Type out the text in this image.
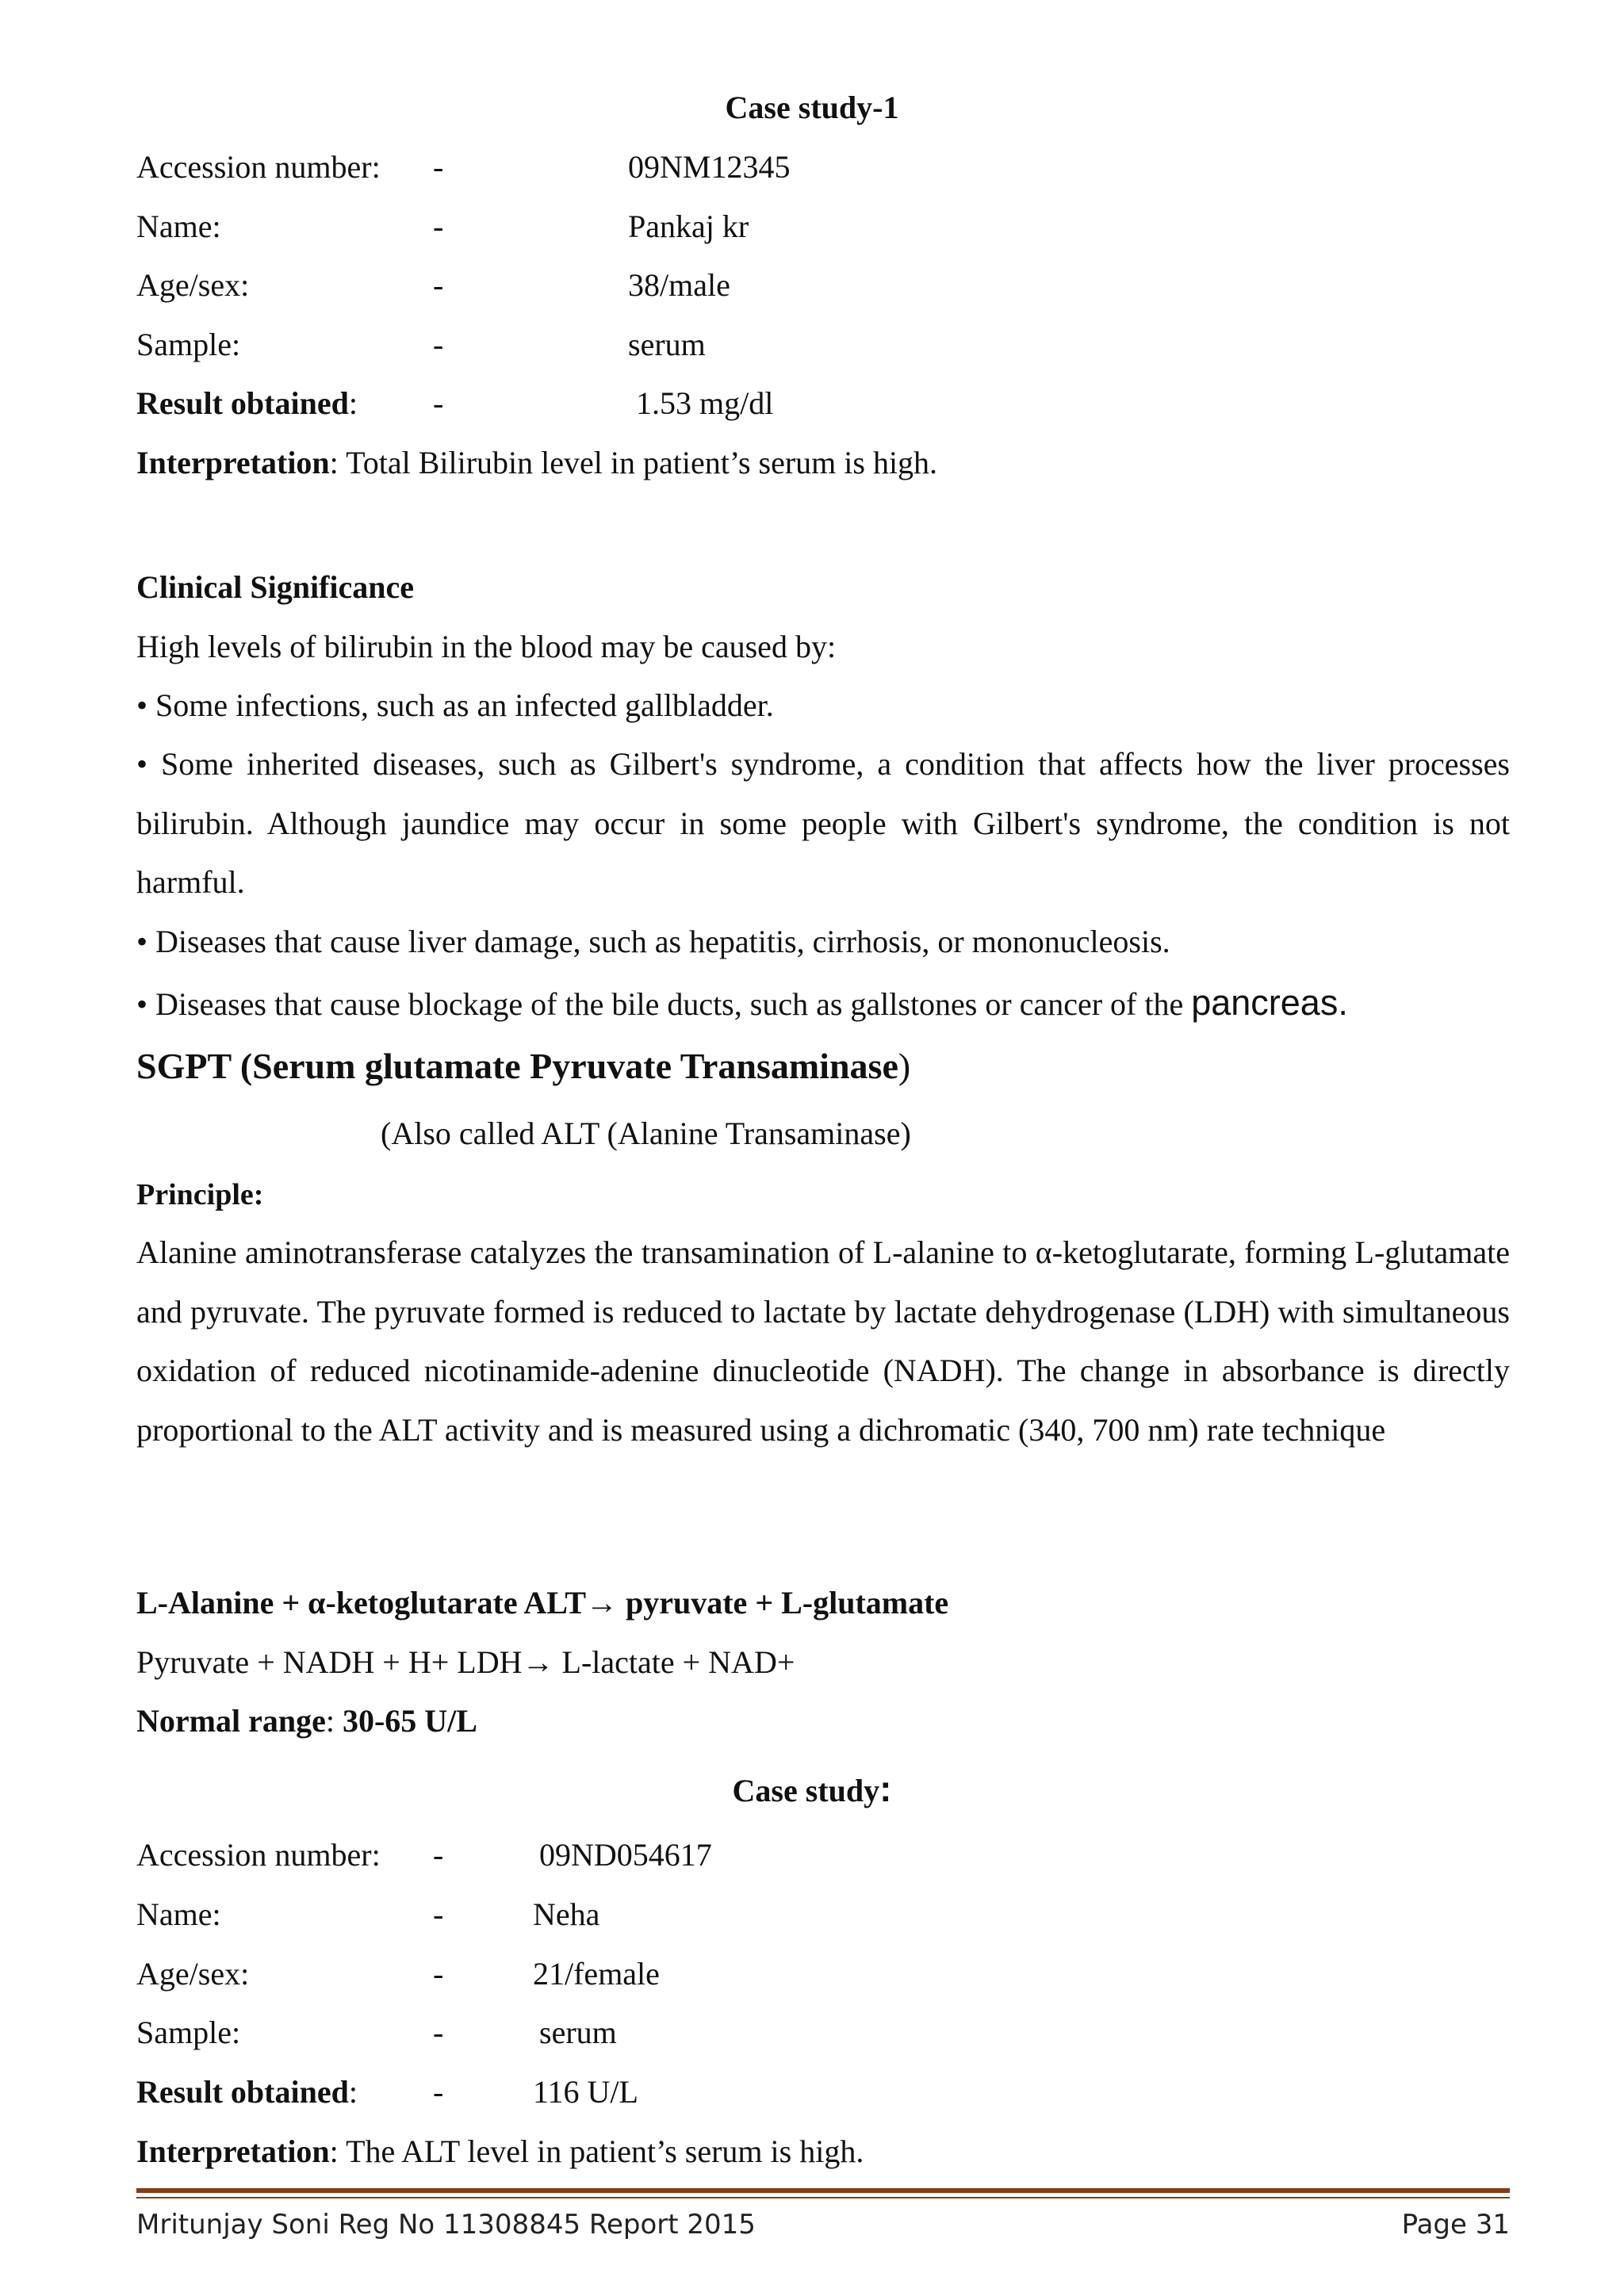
Case study-1
Accession number: -	09NM12345
Name:	-	Pankaj kr
Age/sex:	-	38/male
Sample:	-	serum
Result obtained: -	1.53 mg/dl
Interpretation: Total Bilirubin level in patient’s serum is high.
Clinical Significance
High levels of bilirubin in the blood may be caused by:
• Some infections, such as an infected gallbladder.
• Some inherited diseases, such as Gilbert's syndrome, a condition that affects how the liver processes bilirubin. Although jaundice may occur in some people with Gilbert's syndrome, the condition is not harmful.
• Diseases that cause liver damage, such as hepatitis, cirrhosis, or mononucleosis.
• Diseases that cause blockage of the bile ducts, such as gallstones or cancer of the pancreas.
SGPT (Serum glutamate Pyruvate Transaminase)
(Also called ALT (Alanine Transaminase)
Principle:
Alanine aminotransferase catalyzes the transamination of L-alanine to α-ketoglutarate, forming L-glutamate and pyruvate. The pyruvate formed is reduced to lactate by lactate dehydrogenase (LDH) with simultaneous oxidation of reduced nicotinamide-adenine dinucleotide (NADH). The change in absorbance is directly proportional to the ALT activity and is measured using a dichromatic (340, 700 nm) rate technique
L-Alanine + α-ketoglutarate ALT→ pyruvate + L-glutamate
Pyruvate + NADH + H+ LDH→ L-lactate + NAD+
Normal range: 30-65 U/L
Case study:
Accession number: -	09ND054617
Name:	-	Neha
Age/sex:	-	21/female
Sample:	-	serum
Result obtained: -	116 U/L
Interpretation: The ALT level in patient’s serum is high.
Mritunjay Soni Reg No 11308845 Report 2015	Page 31
